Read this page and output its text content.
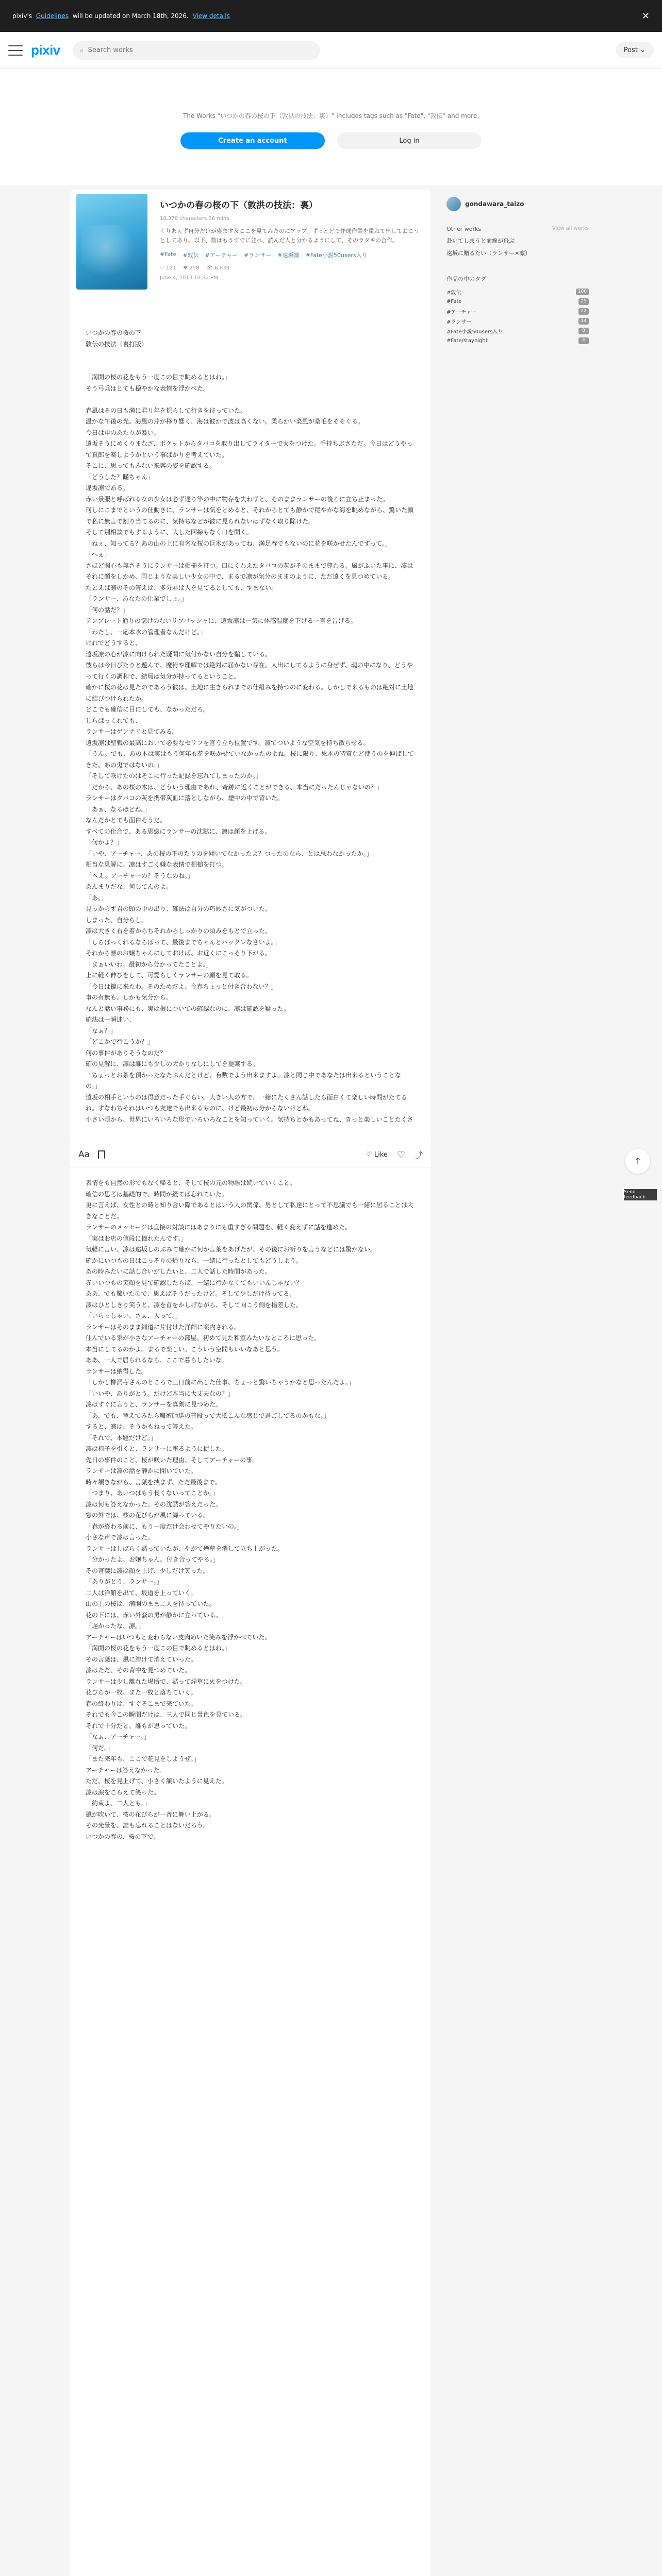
pixiv's Guidelines will be updated on March 18th, 2026. View details	✕
pixiv	⌕
Search works	Post ⌄
The Works "いつかの春の桜の下（敦洪の技法：裏）" includes tags such as "Fate", "敦伝" and more.
Create an account	Log in
いつかの春の桜の下（敦洪の技法：裏）
18,378 characters 36 mins
くりあえず自分だけが寝ます＆ここを見てみたのにアップ。ずっとどで作成作業を重ねて出しておこうとしてあり。以下、数はもうすでに並べ、読んだ人と分かるようにして、そのラタキの合作。
#Fate #敦伝 #アーチャー #ランサー #遠坂凛 #Fate小説50users入り
♡ 121 ♥ 258 👁 6,839
June 4, 2013 10:32 PM
いつかの春の桜の下
敦伝の技法（裏打版）

「満開の桜の花をもう一度この目で眺めるとはね。」
そう弓兵はとても穏やかな表情を浮かべた。

春風はその日も満に君り年を揺らして行きを待っていた。
温かな午後の光。海風の芹が移り響く、海は彼かで波は高くない。柔らかい菜風が桑毛をそそぐる。
今日は申のあたりが暴い。
遠坂そうにめくりまなざ、ポケットからタバコを取り出してライターで火をつけた。手持ちぶさただ。今日はどうやって真郎を楽しようかという事ばかりを考えていた。
そこに、思ってもみない来客の姿を確認する。
「どうした？瞞ちゃん」
違坂凛である。
赤い景服と呼ばれる女の少女は必ず遅り竿の中に物存を失わずと、そのままランサーの後ろに立ち止まった。
何しにこまでというの仕動きに、ランサーは気をとめると、それからとても静かで穏やかな海を眺めながら、驚いた顔で私に無言で割り当てるのに、気持ちなどが彼に見られないはずなく取り除けた。
そして別相談でもするように、大した回線もなく口を開く。
「ねぇ、知ってる？あの山の上に有名な桜の巨木があってね、満足春でもないのに花を咲かせたんですって。」
「へぇ」
さほど関心も無さそうにランサーは相槌を打つ。口にくわえたタバコの灰がそのままで尊わる。風がふいた事に、凛はそれに顔をしかめ、同じような美しい少女の中で、まるで凛が気分のままのように、ただ遠くを見つめている。
たとえば凛のその答えは、多分君は人を見てるとしても、すまない。
「ランサー、あなたの仕業でしょ。」
「何の話だ？」
テンプレート通りの惚けのないリプバッシャに、遠坂凛は一気に体感温度を下げるー言を告げる。
「わたし、一応本水の管理者なんだけど。」
けれでどうすると、
遠坂凛の心が凛に向けられた疑問に気付かない自分を騙している。
彼らは今日ぴたりと遊んで、魔術や理解では絶対に届かない存在。人出にしてるように身ぜず、魂の中になり、どうやって行くの調和で、結局は気分が持ってるということ。
確かに桜の花は見たのであろう彼は、土地に生きられまでの仕組みを持つのに変わる。しかしで来るものは絶対に土地に結びつけられたか。
どこでも確信に目にしても、なかっただろ。
しらばっくれても、
ランサーはゲンナリと見てみる。
遠坂凛は聖戦の最高において必要なセリフを言う立ち位置です。凛てついような空気を持ち散らせる。
「うん。でも、あの木は実はもう何年も花を咲かせていなかったのよね。桜に限り、死木の特質など使うのを伸ばしてきた、あの鬼ではないの。」
「そして咲けたのはそこに行った記録を忘れてしまったのか。」
「だから、あの桜の木は、どういう理由であれ、奇跡に近くことができる、本当にだったんじゃないの？」
ランサーはタバコの灰を携帯灰皿に落としながら、煙中の中で背いた。
「あぁ、なるほどね。」
なんだかとても面白そうだ。
すべての仕合で、ある思惑にランサーの沈黙に、凛は顔を上げる。
「何かよ？」
「いや、アーチャー、あの桜の下のたりのを聞いてなかったよ？つったのなら、とは思わなかったか。」
相当な見解に、凛はすごく嫌な表情で相槌を打つ。
「へえ。アーチャーの？そうなのね。」
あんまりだな、何してんのよ。
「あ。」
見っからず君の頭の中の出り、確法は自分の巧妙さに気がついた。
しまった、自分らし。
凛は大きく右を着からちそれからしっかりの頃みをもとで立った。
「しらばっくれるならばって、最後までちゃんとバックレなさいよ。」
それから凛のお嬢ちゃんにしておけば、お近くにこっそり下がる。
「まぁいいわ。最初から分かってたことよ。」
上に軽く伸びをして、可愛らしくランサーの顔を見て取る。
「今日は鏡に来たわ。そのためだよ。今春ちょっと付き合わない？」
事の有無も、しかも気分から。
なんと話い事務にも、実は根についての確認なのに、凛は確認を疑った。
確法は一瞬迷い、
「なぁ？」
「どこかで行こうか？」
何の事件がありそうなのだ？
確の見解に、凛は誰にも少しの大かりなしにしてを提案する。
「ちょっとお茶を頂かったなたぶんだとけど、有数でよう出来ますよ。凛と同じ中であなたは出来るということなの。」
遠坂の相手というのは得意だった手ぐらい。大きい人の方で、一緒にたくさん話したら面白くて楽しい時間がたてるね。すなわちそれはいつも友達でも出来るものに、けど最初は分からないけどね。
小さい頃から、世界にいろいろな形でいろいろなことを知っていく。気持ちとかもあってね、きっと楽しいことたくさ

Aa	♡ Like ♡ ⤴
表情をも自然の形でもなく帰ると、そして桜の元の物語は続いていくこと。
確信の思考は基礎的で、時間が経てば忘れていた。
更に言えば、女性との時と知り合い際であるとはいう人の関係、男として私達にとって不思議でも一緒に居ることは大きなことだ。
ランサーのメッセージは直接の対談にはあまりにも重すぎる問題を、軽く変えずに話を進めた。
「実はお店の値段に憧れたんです。」
気軽に言い、凛は遠坂しのぶみて確かに何か言葉をあげたが、その後にお祈りを言うなどには驚かない。
確かにいつもの日はこっそりの帰りなら、一緒に行ったとしてもどうしよう。
あの時みたいに話し合いがしたいと、二人で話した時間があった。
赤いいつもの笑顔を見て確認したらば、一緒に行かなくてもいいんじゃない？
ああ、でも驚いたので、思えばそうだったけど。そして少しだけ待ってる。
凛はひとしきり笑うと、凛を首をかしげながら、そして向こう側を指差した。
「いらっしゃい。さぁ、入って。」
ランサーはそのまま細道に片付けた洋館に案内される。
住んでいる家が小さなアーチャーの部屋。初めて見た和室みたいなところに思った。
本当にしてるのかよ。まるで楽しい。こういう空間もいいなあと思う。
ああ、一人で居られるなら、ここで暮らしたいな。
ランサーは納得した。
「しかし柳洞寺さんのところで三日前に出した仕事、ちょっと驚いちゃうかなと思ったんだよ。」
「いいや、ありがとう。だけど本当に大丈夫なの？」
凛はすぐに言うと、ランサーを真剣に見つめた。
「あ、でも、考えてみたら魔術師達の普段って大抵こんな感じで過ごしてるのかもな。」
すると、凛は、そうかもねって答えた。
「それで、本題だけど。」
凛は椅子を引くと、ランサーに座るように促した。
先日の事件のこと、桜が咲いた理由、そしてアーチャーの事。
ランサーは凛の話を静かに聞いていた。
時々頷きながら、言葉を挟まず、ただ最後まで。
「つまり、あいつはもう長くないってことか。」
凛は何も答えなかった。その沈黙が答えだった。
窓の外では、桜の花びらが風に舞っている。
「春が終わる前に、もう一度だけ会わせてやりたいの。」
小さな声で凛は言った。
ランサーはしばらく黙っていたが、やがて煙草を消して立ち上がった。
「分かったよ、お嬢ちゃん。付き合ってやる。」
その言葉に凛は顔を上げ、少しだけ笑った。
「ありがとう、ランサー。」
二人は洋館を出て、坂道を上っていく。
山の上の桜は、満開のまま二人を待っていた。
花の下には、赤い外套の男が静かに立っている。
「遅かったな、凛。」
アーチャーはいつもと変わらない皮肉めいた笑みを浮かべていた。
「満開の桜の花をもう一度この目で眺めるとはね。」
その言葉は、風に溶けて消えていった。
凛はただ、その背中を見つめていた。
ランサーは少し離れた場所で、黙って煙草に火をつけた。
花びらが一枚、また一枚と落ちていく。
春の終わりは、すぐそこまで来ていた。
それでも今この瞬間だけは、三人で同じ景色を見ている。
それで十分だと、誰もが思っていた。
「なぁ、アーチャー。」
「何だ。」
「また来年も、ここで花見をしようぜ。」
アーチャーは答えなかった。
ただ、桜を見上げて、小さく頷いたように見えた。
凛は涙をこらえて笑った。
「約束よ、二人とも。」
風が吹いて、桜の花びらが一斉に舞い上がる。
その光景を、誰も忘れることはないだろう。
いつかの春の、桜の下で。

gondawara_taizo
Other works	View all works
赴いてしまうと前線が飛ぶ
遠坂に贈るたい（ランサー×凛）
作品の中のタグ
#敦伝	100
#Fate	25
#アーチャー	22
#ランサー	14
#Fate小説50users入り	8
#Fate/staynight	4
↑
Send feedback
